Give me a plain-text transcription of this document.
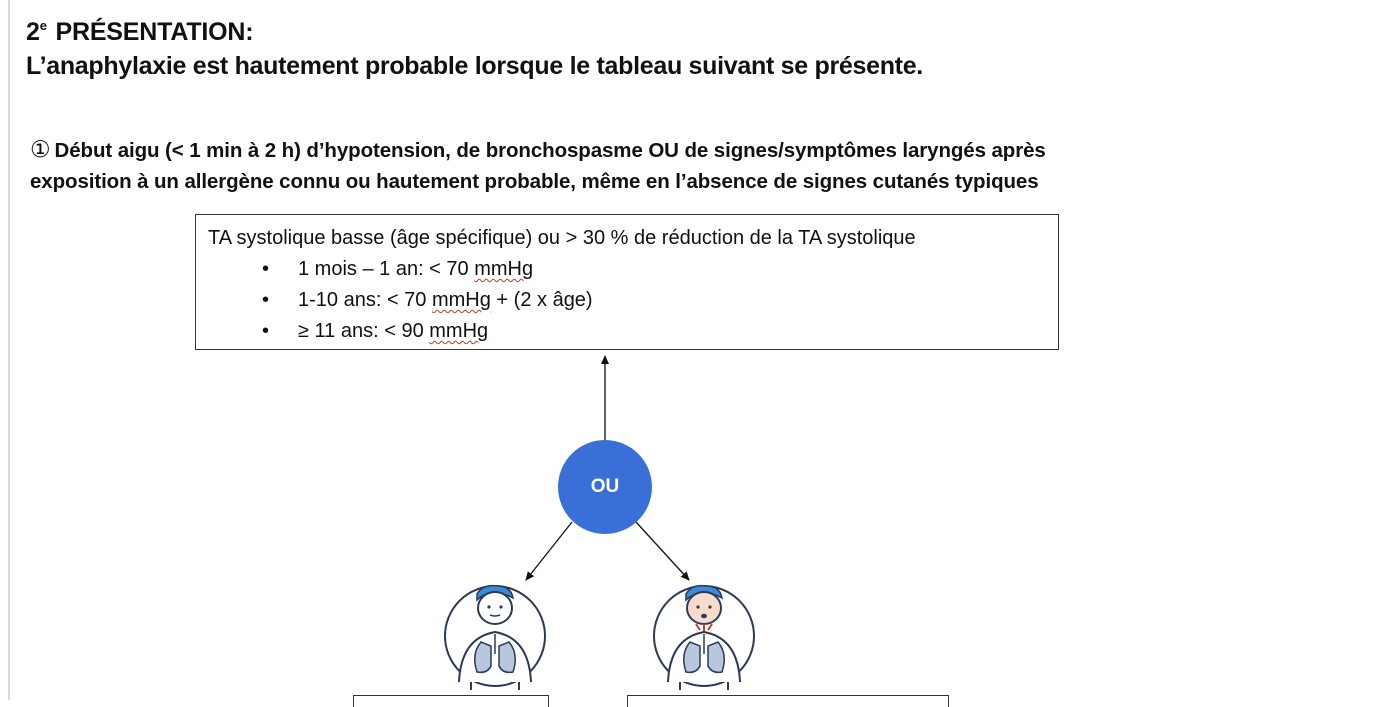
2e PRÉSENTATION:
L’anaphylaxie est hautement probable lorsque le tableau suivant se présente.

① Début aigu (< 1 min à 2 h) d’hypotension, de bronchospasme OU de signes/symptômes laryngés après
exposition à un allergène connu ou hautement probable, même en l’absence de signes cutanés typiques

TA systolique basse (âge spécifique) ou > 30 % de réduction de la TA systolique
• 1 mois – 1 an: < 70 mmHg
• 1-10 ans: < 70 mmHg + (2 x âge)
• ≥ 11 ans: < 90 mmHg
OU
